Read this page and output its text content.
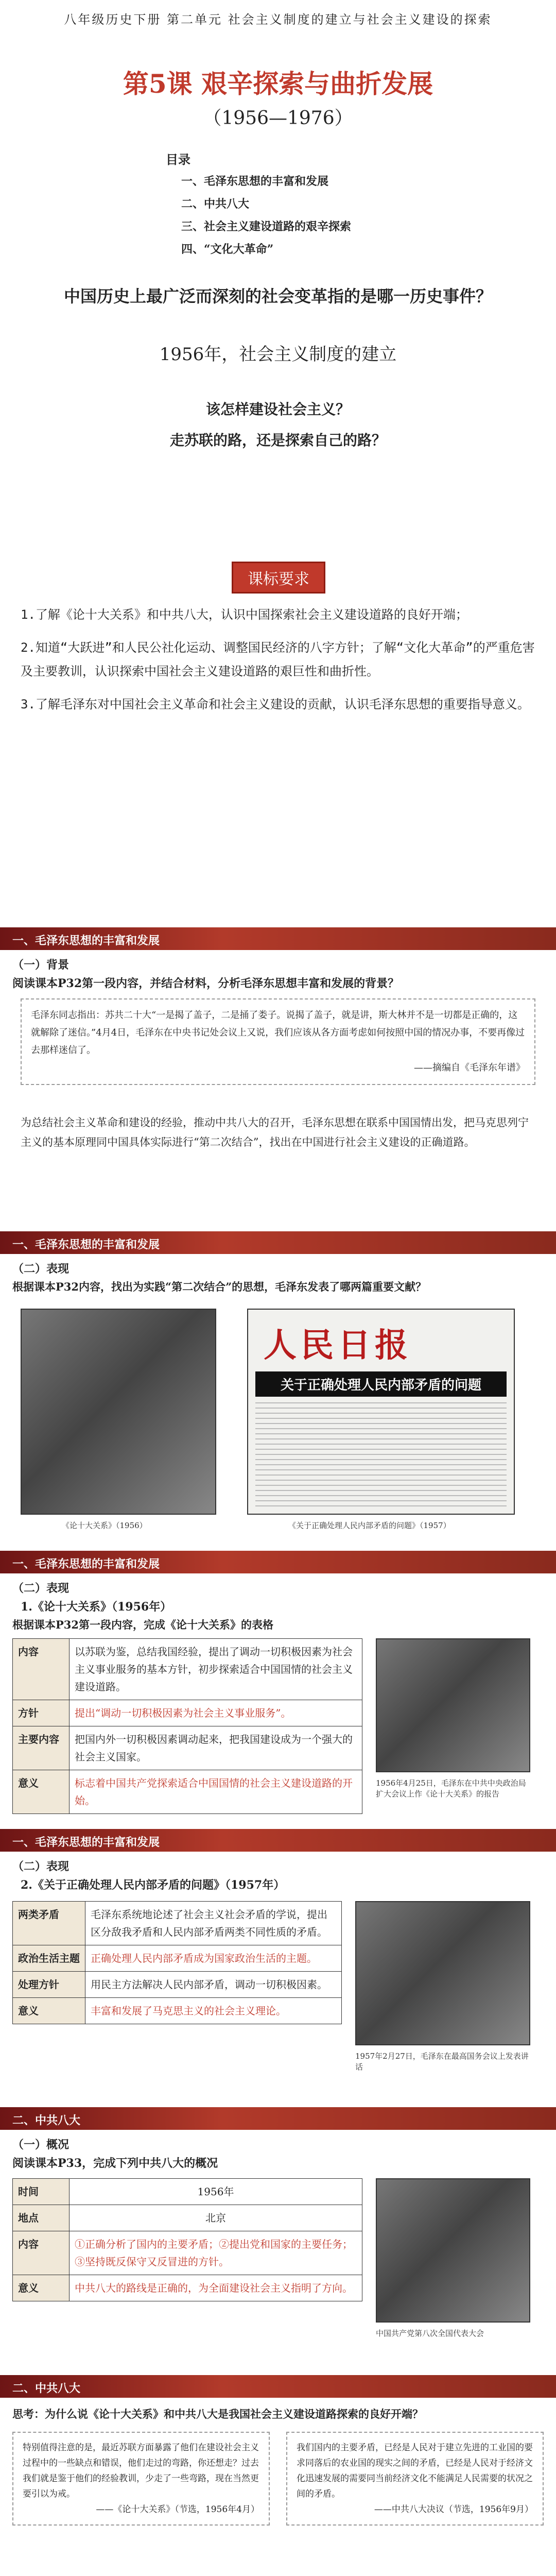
八年级历史下册 第二单元 社会主义制度的建立与社会主义建设的探索
第5课 艰辛探索与曲折发展
（1956—1976）
目录
一、毛泽东思想的丰富和发展
二、中共八大
三、社会主义建设道路的艰辛探索
四、“文化大革命”
中国历史上最广泛而深刻的社会变革指的是哪一历史事件？
1956年，社会主义制度的建立
该怎样建设社会主义？
走苏联的路，还是探索自己的路？
课标要求

1.了解《论十大关系》和中共八大，认识中国探索社会主义建设道路的良好开端；

2.知道“大跃进”和人民公社化运动、调整国民经济的八字方针；了解“文化大革命”的严重危害及主要教训，认识探索中国社会主义建设道路的艰巨性和曲折性。

3.了解毛泽东对中国社会主义革命和社会主义建设的贡献，认识毛泽东思想的重要指导意义。

一、毛泽东思想的丰富和发展
（一）背景
阅读课本P32第一段内容，并结合材料，分析毛泽东思想丰富和发展的背景？
毛泽东同志指出：苏共二十大“一是揭了盖子，二是捅了娄子。说揭了盖子，就是讲，斯大林并不是一切都是正确的，这就解除了迷信。”4月4日，毛泽东在中央书记处会议上又说，我们应该从各方面考虑如何按照中国的情况办事，不要再像过去那样迷信了。
——摘编自《毛泽东年谱》
为总结社会主义革命和建设的经验，推动中共八大的召开，毛泽东思想在联系中国国情出发，把马克思列宁主义的基本原理同中国具体实际进行“第二次结合”，找出在中国进行社会主义建设的正确道路。
一、毛泽东思想的丰富和发展
（二）表现
根据课本P32内容，找出为实践“第二次结合”的思想，毛泽东发表了哪两篇重要文献？
人民日报
关于正确处理人民内部矛盾的问题
《论十大关系》（1956）	《关于正确处理人民内部矛盾的问题》（1957）
一、毛泽东思想的丰富和发展
（二）表现
1.《论十大关系》（1956年）
根据课本P32第一段内容，完成《论十大关系》的表格
内容	以苏联为鉴，总结我国经验，提出了调动一切积极因素为社会主义事业服务的基本方针，初步探索适合中国国情的社会主义建设道路。
方针	提出“调动一切积极因素为社会主义事业服务”。
主要内容	把国内外一切积极因素调动起来，把我国建设成为一个强大的社会主义国家。
意义	标志着中国共产党探索适合中国国情的社会主义建设道路的开始。
1956年4月25日，毛泽东在中共中央政治局扩大会议上作《论十大关系》的报告
一、毛泽东思想的丰富和发展
（二）表现
2.《关于正确处理人民内部矛盾的问题》（1957年）
两类矛盾	毛泽东系统地论述了社会主义社会矛盾的学说，提出区分敌我矛盾和人民内部矛盾两类不同性质的矛盾。
政治生活主题	正确处理人民内部矛盾成为国家政治生活的主题。
处理方针	用民主方法解决人民内部矛盾，调动一切积极因素。
意义	丰富和发展了马克思主义的社会主义理论。
1957年2月27日，毛泽东在最高国务会议上发表讲话
二、中共八大
（一）概况
阅读课本P33，完成下列中共八大的概况
时间	1956年
地点	北京
内容	①正确分析了国内的主要矛盾；②提出党和国家的主要任务；③坚持既反保守又反冒进的方针。
意义	中共八大的路线是正确的，为全面建设社会主义指明了方向。
中国共产党第八次全国代表大会
二、中共八大
思考：为什么说《论十大关系》和中共八大是我国社会主义建设道路探索的良好开端？
特别值得注意的是，最近苏联方面暴露了他们在建设社会主义过程中的一些缺点和错误，他们走过的弯路，你还想走？过去我们就是鉴于他们的经验教训，少走了一些弯路，现在当然更要引以为戒。
——《论十大关系》（节选，1956年4月）
我们国内的主要矛盾，已经是人民对于建立先进的工业国的要求同落后的农业国的现实之间的矛盾，已经是人民对于经济文化迅速发展的需要同当前经济文化不能满足人民需要的状况之间的矛盾。
——中共八大决议（节选，1956年9月）
